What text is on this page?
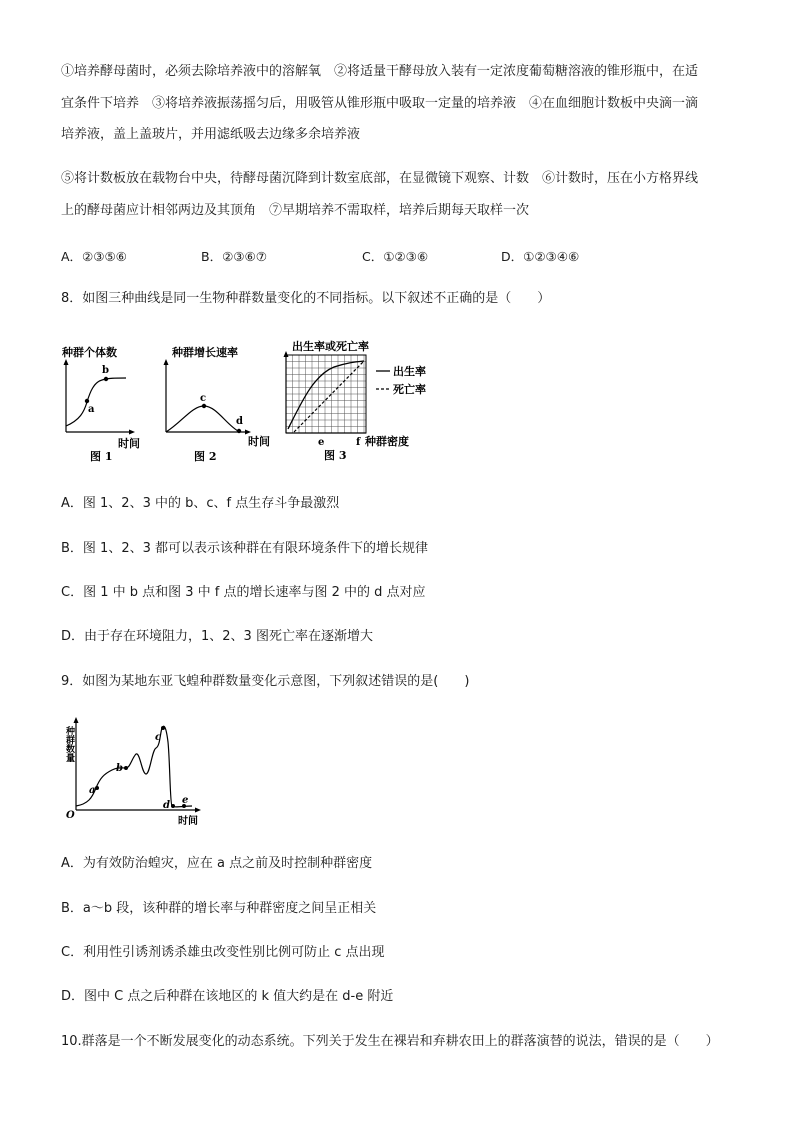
①培养酵母菌时，必须去除培养液中的溶解氧　②将适量干酵母放入装有一定浓度葡萄糖溶液的锥形瓶中，在适
宜条件下培养　③将培养液振荡摇匀后，用吸管从锥形瓶中吸取一定量的培养液　④在血细胞计数板中央滴一滴
培养液，盖上盖玻片，并用滤纸吸去边缘多余培养液
⑤将计数板放在载物台中央，待酵母菌沉降到计数室底部，在显微镜下观察、计数　⑥计数时，压在小方格界线
上的酵母菌应计相邻两边及其顶角　⑦早期培养不需取样，培养后期每天取样一次
A．②③⑤⑥	B．②③⑥⑦	C．①②③⑥	D．①②③④⑥
8．如图三种曲线是同一生物种群数量变化的不同指标。以下叙述不正确的是（　　）
种群个体数
a
b
时间
图 1
种群增长速率
c
d
时间
图 2
出生率或死亡率
出生率
死亡率
e	f 种群密度
图 3
A．图 1、2、3 中的 b、c、f 点生存斗争最激烈
B．图 1、2、3 都可以表示该种群在有限环境条件下的增长规律
C．图 1 中 b 点和图 3 中 f 点的增长速率与图 2 中的 d 点对应
D．由于存在环境阻力，1、2、3 图死亡率在逐渐增大
9．如图为某地东亚飞蝗种群数量变化示意图，下列叙述错误的是(　　)
种群数量
a
b
c
d e
O
时间
A．为有效防治蝗灾，应在 a 点之前及时控制种群密度
B．a～b 段，该种群的增长率与种群密度之间呈正相关
C．利用性引诱剂诱杀雄虫改变性别比例可防止 c 点出现
D．图中 C 点之后种群在该地区的 k 值大约是在 d-e 附近
10.群落是一个不断发展变化的动态系统。下列关于发生在裸岩和弃耕农田上的群落演替的说法，错误的是（　　）
